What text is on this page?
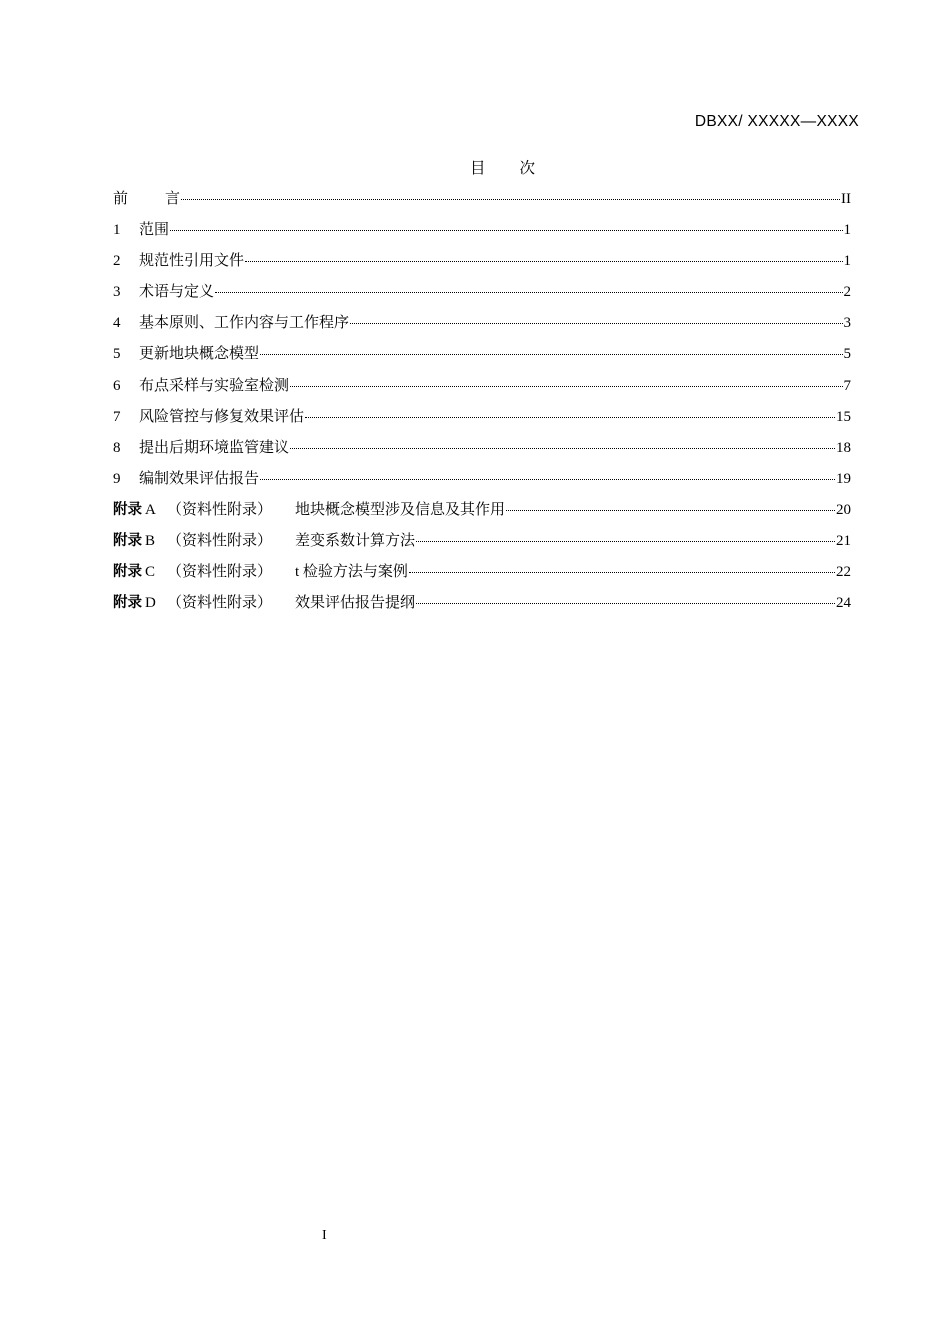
DBXX/ XXXXX—XXXX
目 次
前 言	II
1	范围	1
2	规范性引用文件	1
3	术语与定义	2
4	基本原则、工作内容与工作程序	3
5	更新地块概念模型	5
6	布点采样与实验室检测	7
7	风险管控与修复效果评估	15
8	提出后期环境监管建议	18
9	编制效果评估报告	19
附录 A （资料性附录）	地块概念模型涉及信息及其作用	20
附录 B （资料性附录）	差变系数计算方法	21
附录 C （资料性附录）	t 检验方法与案例	22
附录 D （资料性附录）	效果评估报告提纲	24
I
